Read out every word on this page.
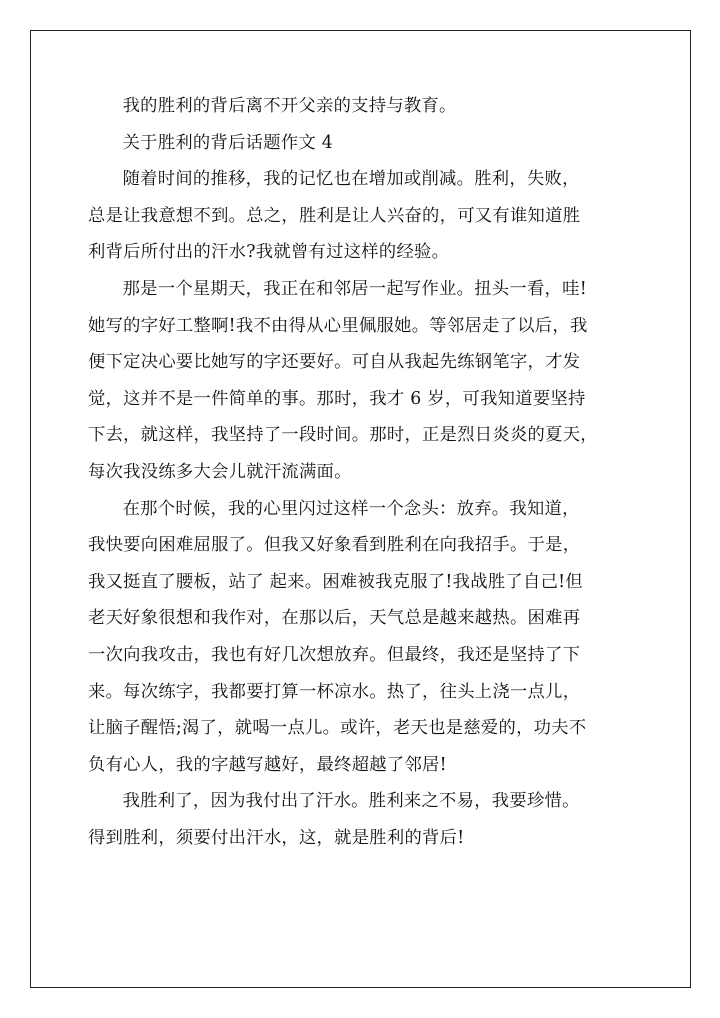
我的胜利的背后离不开父亲的支持与教育。

关于胜利的背后话题作文 4

随着时间的推移，我的记忆也在增加或削减。胜利，失败，
总是让我意想不到。总之，胜利是让人兴奋的，可又有谁知道胜
利背后所付出的汗水?我就曾有过这样的经验。

那是一个星期天，我正在和邻居一起写作业。扭头一看，哇!
她写的字好工整啊!我不由得从心里佩服她。等邻居走了以后，我
便下定决心要比她写的字还要好。可自从我起先练钢笔字，才发
觉，这并不是一件简单的事。那时，我才 6 岁，可我知道要坚持
下去，就这样，我坚持了一段时间。那时，正是烈日炎炎的夏天，
每次我没练多大会儿就汗流满面。

在那个时候，我的心里闪过这样一个念头：放弃。我知道，
我快要向困难屈服了。但我又好象看到胜利在向我招手。于是，
我又挺直了腰板，站了 起来。困难被我克服了!我战胜了自己!但
老天好象很想和我作对，在那以后，天气总是越来越热。困难再
一次向我攻击，我也有好几次想放弃。但最终，我还是坚持了下
来。每次练字，我都要打算一杯凉水。热了，往头上浇一点儿，
让脑子醒悟;渴了，就喝一点儿。或许，老天也是慈爱的，功夫不
负有心人，我的字越写越好，最终超越了邻居!

我胜利了，因为我付出了汗水。胜利来之不易，我要珍惜。
得到胜利，须要付出汗水，这，就是胜利的背后!
